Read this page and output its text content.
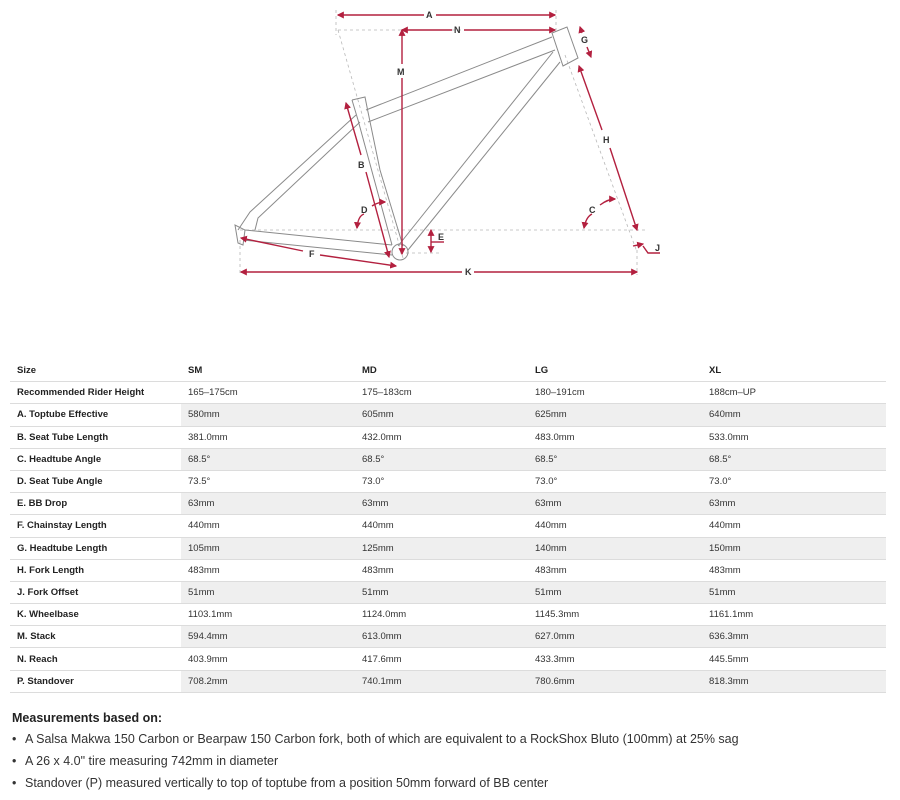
A
N
M
G
H
B
D	C
E
F
J
K
Size	SM	MD	LG	XL
Recommended Rider Height	165–175cm	175–183cm	180–191cm	188cm–UP
A. Toptube Effective	580mm	605mm	625mm	640mm
B. Seat Tube Length	381.0mm	432.0mm	483.0mm	533.0mm
C. Headtube Angle	68.5°	68.5°	68.5°	68.5°
D. Seat Tube Angle	73.5°	73.0°	73.0°	73.0°
E. BB Drop	63mm	63mm	63mm	63mm
F. Chainstay Length	440mm	440mm	440mm	440mm
G. Headtube Length	105mm	125mm	140mm	150mm
H. Fork Length	483mm	483mm	483mm	483mm
J. Fork Offset	51mm	51mm	51mm	51mm
K. Wheelbase	1103.1mm	1124.0mm	1145.3mm	1161.1mm
M. Stack	594.4mm	613.0mm	627.0mm	636.3mm
N. Reach	403.9mm	417.6mm	433.3mm	445.5mm
P. Standover	708.2mm	740.1mm	780.6mm	818.3mm
Measurements based on:
• A Salsa Makwa 150 Carbon or Bearpaw 150 Carbon fork, both of which are equivalent to a RockShox Bluto (100mm) at 25% sag
• A 26 x 4.0" tire measuring 742mm in diameter
• Standover (P) measured vertically to top of toptube from a position 50mm forward of BB center
